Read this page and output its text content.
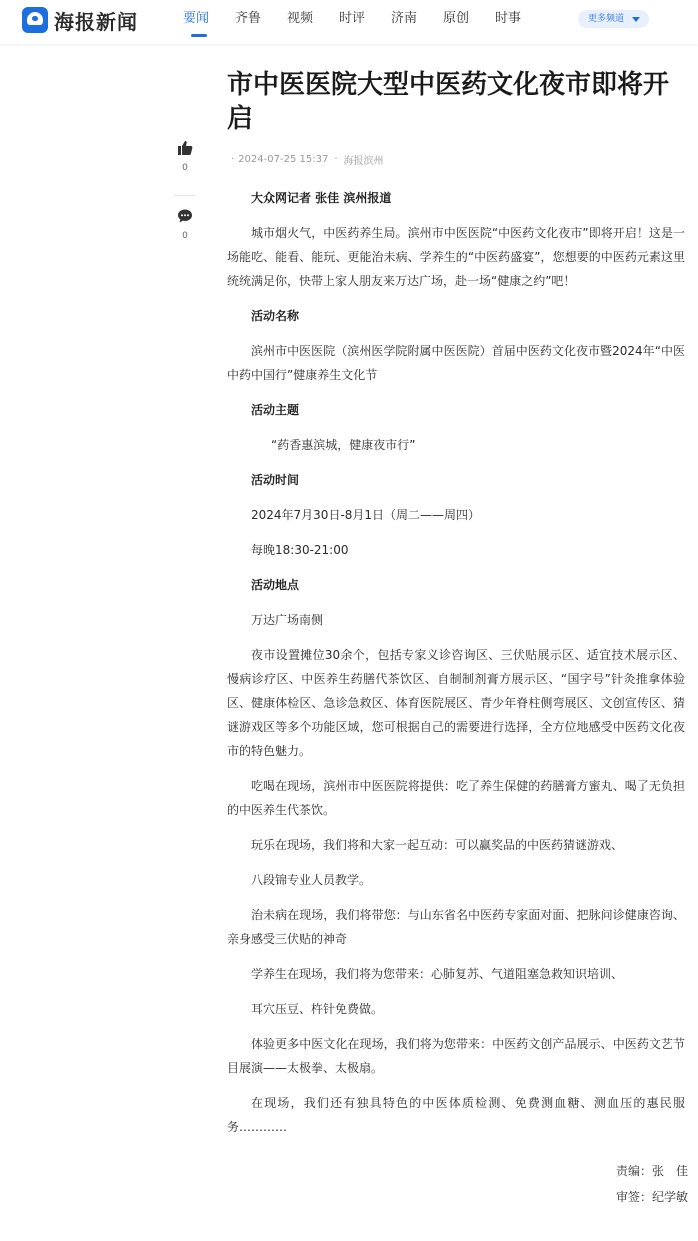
海报新闻	要闻	齐鲁	视频	时评	济南	原创	时事	更多频道
0
0
市中医医院大型中医药文化夜市即将开启
· 2024-07-25 15:37 · 海报滨州

大众网记者 张佳 滨州报道

城市烟火气，中医药养生局。滨州市中医医院“中医药文化夜市”即将开启！这是一场能吃、能看、能玩、更能治未病、学养生的“中医药盛宴”，您想要的中医药元素这里统统满足你，快带上家人朋友来万达广场，赴一场“健康之约”吧！

活动名称

滨州市中医医院（滨州医学院附属中医医院）首届中医药文化夜市暨2024年“中医中药中国行”健康养生文化节

活动主题

“药香惠滨城，健康夜市行”

活动时间

2024年7月30日-8月1日（周二——周四）

每晚18:30-21:00

活动地点

万达广场南侧

夜市设置摊位30余个，包括专家义诊咨询区、三伏贴展示区、适宜技术展示区、慢病诊疗区、中医养生药膳代茶饮区、自制制剂膏方展示区、“国字号”针灸推拿体验区、健康体检区、急诊急救区、体育医院展区、青少年脊柱侧弯展区、文创宣传区、猜谜游戏区等多个功能区域，您可根据自己的需要进行选择，全方位地感受中医药文化夜市的特色魅力。

吃喝在现场，滨州市中医医院将提供：吃了养生保健的药膳膏方蜜丸、喝了无负担的中医养生代茶饮。

玩乐在现场，我们将和大家一起互动：可以赢奖品的中医药猜谜游戏、

八段锦专业人员教学。

治未病在现场，我们将带您：与山东省名中医药专家面对面、把脉问诊健康咨询、亲身感受三伏贴的神奇

学养生在现场，我们将为您带来：心肺复苏、气道阻塞急救知识培训、

耳穴压豆、杵针免费做。

体验更多中医文化在现场，我们将为您带来：中医药文创产品展示、中医药文艺节目展演——太极拳、太极扇。

在现场，我们还有独具特色的中医体质检测、免费测血糖、测血压的惠民服务…………

责编：张　佳
审签：纪学敏
